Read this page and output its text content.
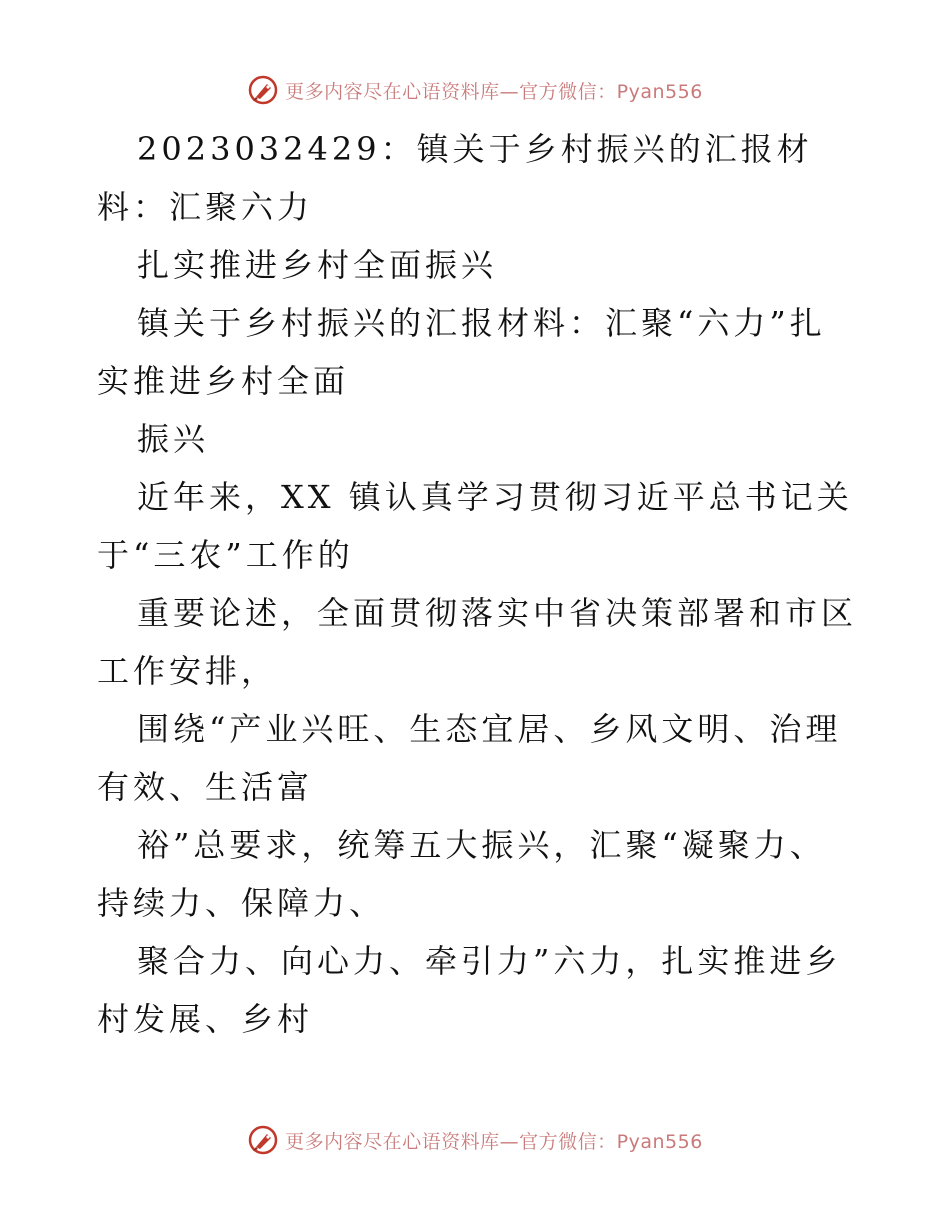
更多内容尽在心语资料库—官方微信：Pyan556

2023032429：镇关于乡村振兴的汇报材料：汇聚六力

扎实推进乡村全面振兴

镇关于乡村振兴的汇报材料：汇聚“六力”扎实推进乡村全面

振兴

近年来，XX 镇认真学习贯彻习近平总书记关于“三农”工作的

重要论述，全面贯彻落实中省决策部署和市区工作安排，

围绕“产业兴旺、生态宜居、乡风文明、治理有效、生活富

裕”总要求，统筹五大振兴，汇聚“凝聚力、持续力、保障力、

聚合力、向心力、牵引力”六力，扎实推进乡村发展、乡村

更多内容尽在心语资料库—官方微信：Pyan556
